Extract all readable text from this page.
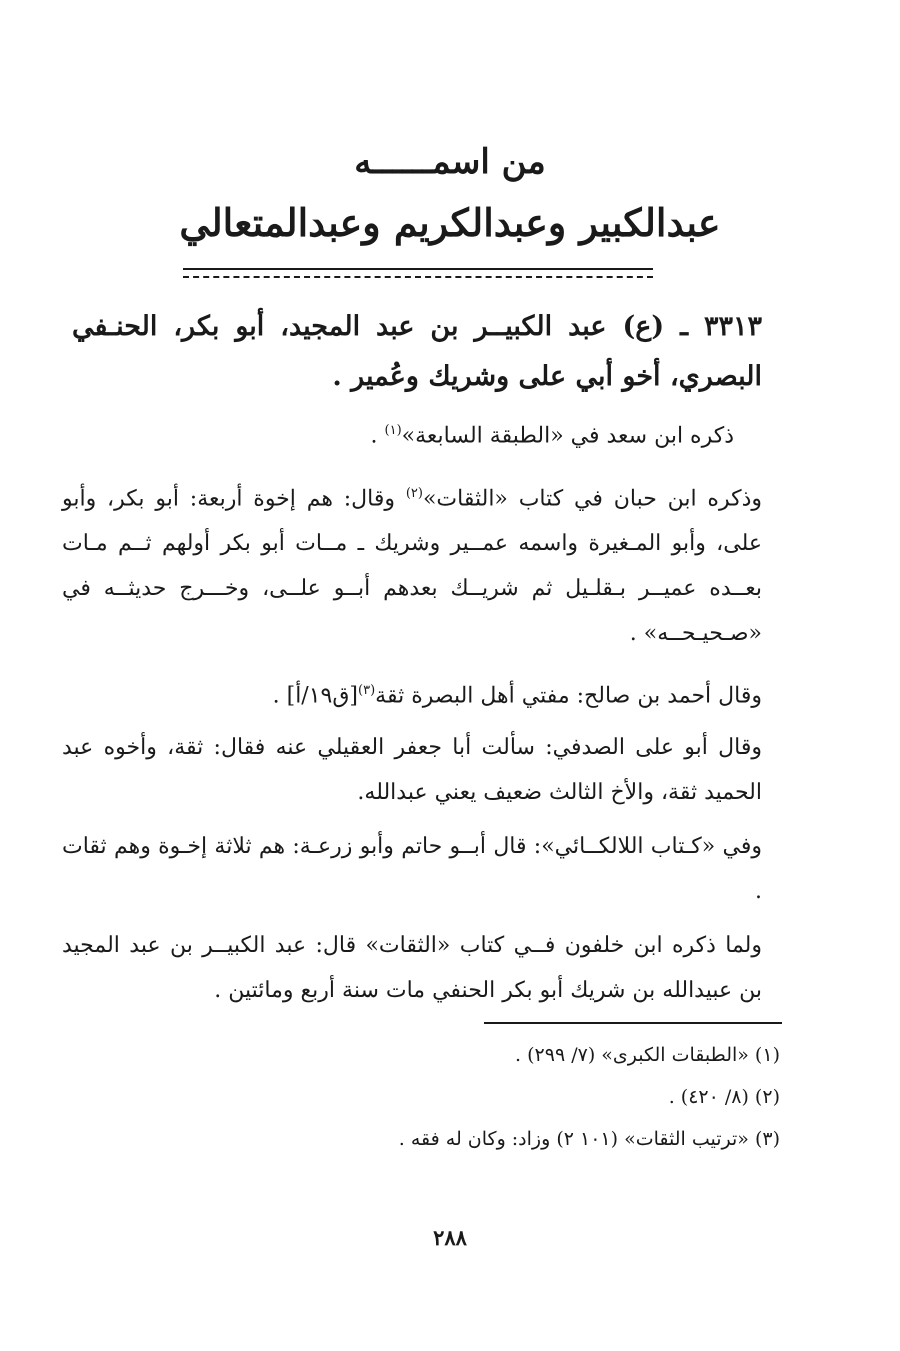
من اسمــــــه
عبدالكبير وعبدالكريم وعبدالمتعالي
٣٣١٣ ـ (ع) عبد الكبيــر بن عبد المجيد، أبو بكر، الحنـفي البصري، أخو أبي على وشريك وعُمير .
ذكره ابن سعد في «الطبقة السابعة»$^{(١)}$ .
وذكره ابن حبان في كتاب «الثقات»$^{(٢)}$ وقال: هم إخوة أربعة: أبو بكر، وأبو على، وأبو المـغيرة واسمه عمــير وشريك ـ مــات أبو بكر أولهم ثــم مـات بعــده عميــر بـقلـيل ثم شريــك بعدهم أبــو علــى، وخـــرج حديثــه في «صـحيـحــه» .
وقال أحمد بن صالح: مفتي أهل البصرة ثقة$^{(٣)}$[ق١٩/أ] .
وقال أبو على الصدفي: سألت أبا جعفر العقيلي عنه فقال: ثقة، وأخوه عبد الحميد ثقة، والأخ الثالث ضعيف يعني عبدالله.
وفي «كـتاب اللالكــائي»: قال أبــو حاتم وأبو زرعـة: هم ثلاثة إخـوة وهم ثقات .
ولما ذكره ابن خلفون فــي كتاب «الثقات» قال: عبد الكبيــر بن عبد المجيد بن عبيدالله بن شريك أبو بكر الحنفي مات سنة أربع ومائتين .
(١) «الطبقات الكبرى» (٧/ ٢٩٩) .
(٢) (٨/ ٤٢٠) .
(٣) «ترتيب الثقات» (١٠١ ٢) وزاد: وكان له فقه .
٢٨٨
